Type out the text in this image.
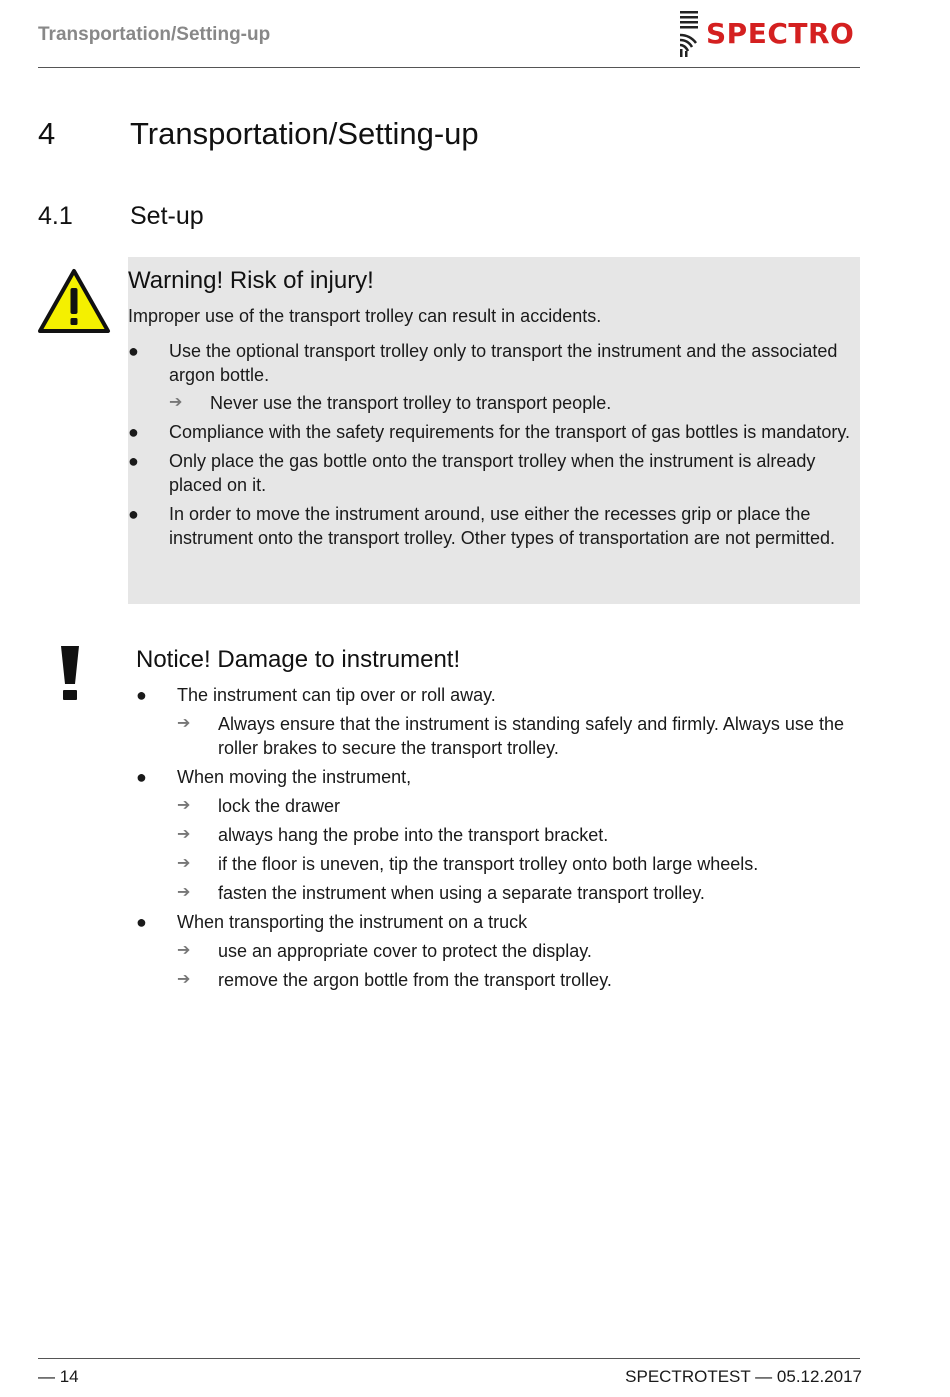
Transportation/Setting-up	SPECTRO
4 Transportation/Setting-up
4.1 Set-up

Warning! Risk of injury!

Improper use of the transport trolley can result in accidents.

●	Use the optional transport trolley only to transport the instrument and the associated argon bottle.
➔ Never use the transport trolley to transport people.
●	Compliance with the safety requirements for the transport of gas bottles is mandatory.
●	Only place the gas bottle onto the transport trolley when the instrument is already placed on it.
●	In order to move the instrument around, use either the recesses grip or place the instrument onto the transport trolley. Other types of transportation are not permitted.

Notice! Damage to instrument!

●	The instrument can tip over or roll away.
➔ Always ensure that the instrument is standing safely and firmly. Always use the roller brakes to secure the transport trolley.
●	When moving the instrument,
➔ lock the drawer
➔ always hang the probe into the transport bracket.
➔ if the floor is uneven, tip the transport trolley onto both large wheels.
➔ fasten the instrument when using a separate transport trolley.
●	When transporting the instrument on a truck
➔ use an appropriate cover to protect the display.
➔ remove the argon bottle from the transport trolley.
— 14	SPECTROTEST — 05.12.2017
